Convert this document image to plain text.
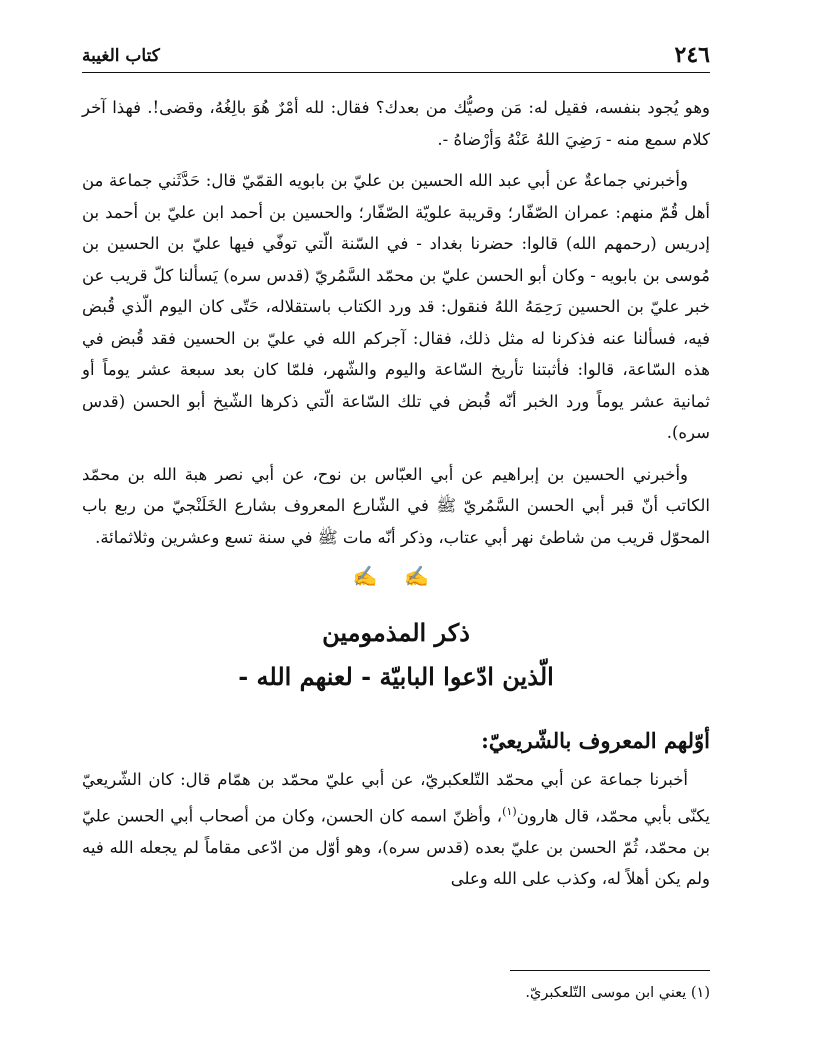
٢٤٦
كتاب الغيبة

وهو يُجود بنفسه، فقيل له: مَن وصيُّك من بعدك؟ فقال: لله أمْرٌ هُوَ بالِغُهُ، وقضى!. فهذا آخر كلام سمع منه - رَضِيَ اللهُ عَنْهُ وَأرْضاهُ -.

وأخبرني جماعةٌ عن أبي عبد الله الحسين بن عليّ بن بابويه القمّيّ قال: حَدَّثَني جماعة من أهل قُمّ منهم: عمران الصّفّار؛ وقريبة علويّة الصّفّار؛ والحسين بن أحمد ابن عليّ بن أحمد بن إدريس (رحمهم الله) قالوا: حضرنا بغداد - في السّنة الّتي توفّي فيها عليّ بن الحسين بن مُوسى بن بابويه - وكان أبو الحسن عليّ بن محمّد السَّمُريّ (قدس سره) يَسألنا كلّ قريب عن خبر عليّ بن الحسين رَحِمَهُ اللهُ فنقول: قد ورد الكتاب باستقلاله، حَتّى كان اليوم الّذي قُبض فيه، فسألنا عنه فذكرنا له مثل ذلك، فقال: آجركم الله في عليّ بن الحسين فقد قُبض في هذه السّاعة، قالوا: فأثبتنا تأريخ السّاعة واليوم والشّهر، فلمّا كان بعد سبعة عشر يوماً أو ثمانية عشر يوماً ورد الخبر أنّه قُبض في تلك السّاعة الّتي ذكرها الشّيخ أبو الحسن (قدس سره).

وأخبرني الحسين بن إبراهيم عن أبي العبّاس بن نوح، عن أبي نصر هبة الله بن محمّد الكاتب أنّ قبر أبي الحسن السَّمُريّ ﷺ في الشّارع المعروف بشارع الخَلَنْجيّ من ربع باب المحوّل قريب من شاطئ نهر أبي عتاب، وذكر أنّه مات ﷺ في سنة تسع وعشرين وثلاثمائة.

✍ ✍
ذكر المذمومين
الّذين ادّعوا البابيّة - لعنهم الله -
أوّلهم المعروف بالشّريعيّ:

أخبرنا جماعة عن أبي محمّد التّلعكبريّ، عن أبي عليّ محمّد بن همّام قال: كان الشّريعيّ يكنّى بأبي محمّد، قال هارون$^{(١)}$، وأظنّ اسمه كان الحسن، وكان من أصحاب أبي الحسن عليّ بن محمّد، ثُمّ الحسن بن عليّ بعده (قدس سره)، وهو أوّل من ادّعى مقاماً لم يجعله الله فيه ولم يكن أهلاً له، وكذب على الله وعلى

(١) يعني ابن موسى التّلعكبريّ.
